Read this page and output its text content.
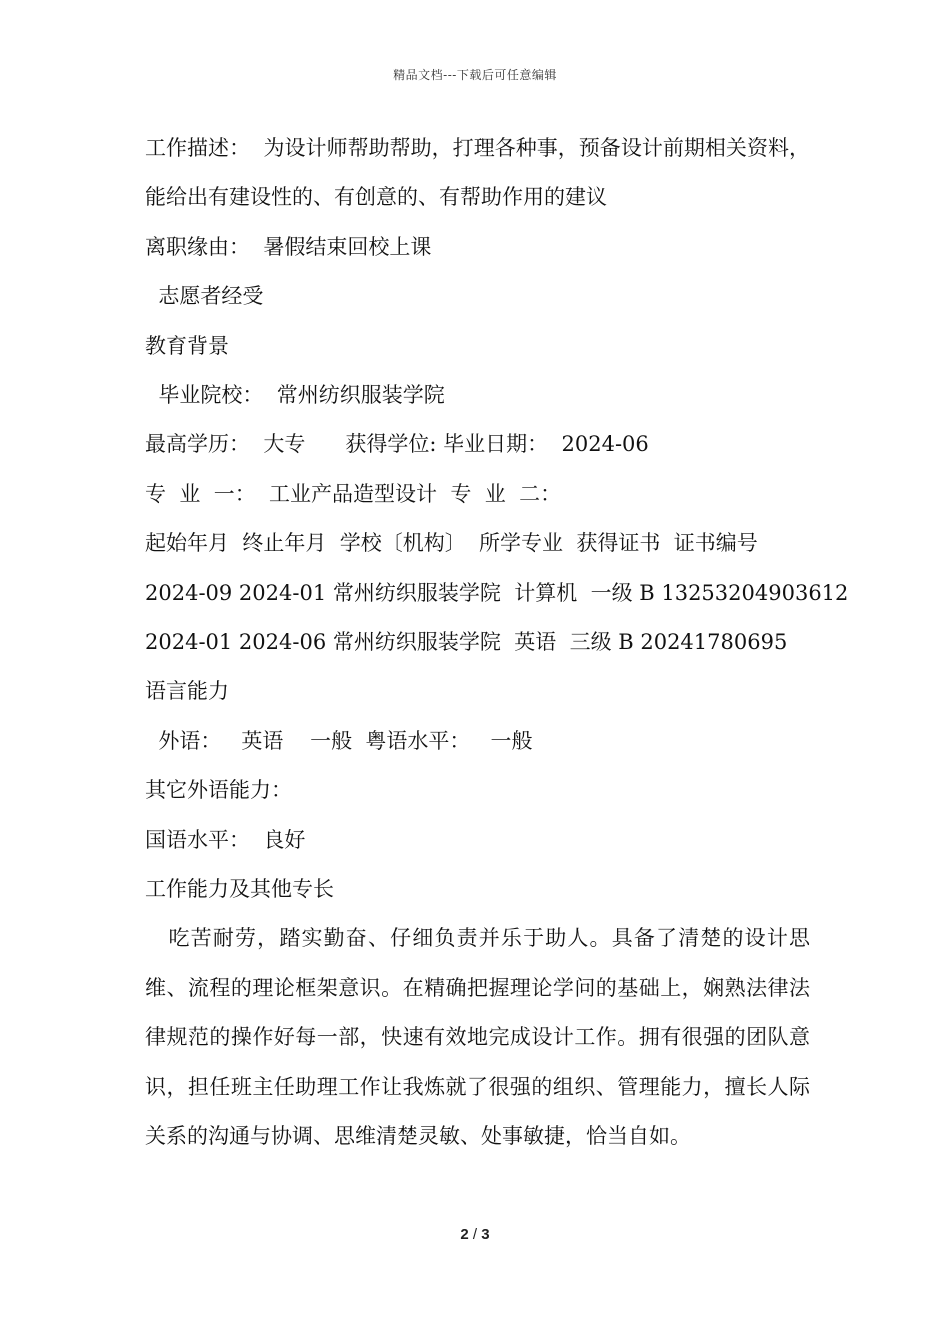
精品文档---下载后可任意编辑
工作描述：  为设计师帮助帮助，打理各种事，预备设计前期相关资料，能给出有建设性的、有创意的、有帮助作用的建议
离职缘由：  暑假结束回校上课
志愿者经受
教育背景
毕业院校：  常州纺织服装学院
最高学历：  大专      获得学位: 毕业日期：  2024-06
专  业  一：  工业产品造型设计  专  业  二：
起始年月  终止年月  学校〔机构〕  所学专业  获得证书  证书编号
2024-09 2024-01 常州纺织服装学院  计算机  一级 B 13253204903612
2024-01 2024-06 常州纺织服装学院  英语  三级 B 20241780695
语言能力
外语：   英语    一般  粤语水平：   一般
其它外语能力：
国语水平：  良好
工作能力及其他专长
吃苦耐劳，踏实勤奋、仔细负责并乐于助人。具备了清楚的设计思维、流程的理论框架意识。在精确把握理论学问的基础上，娴熟法律法律规范的操作好每一部，快速有效地完成设计工作。拥有很强的团队意识，担任班主任助理工作让我炼就了很强的组织、管理能力，擅长人际关系的沟通与协调、思维清楚灵敏、处事敏捷，恰当自如。
2 / 3
